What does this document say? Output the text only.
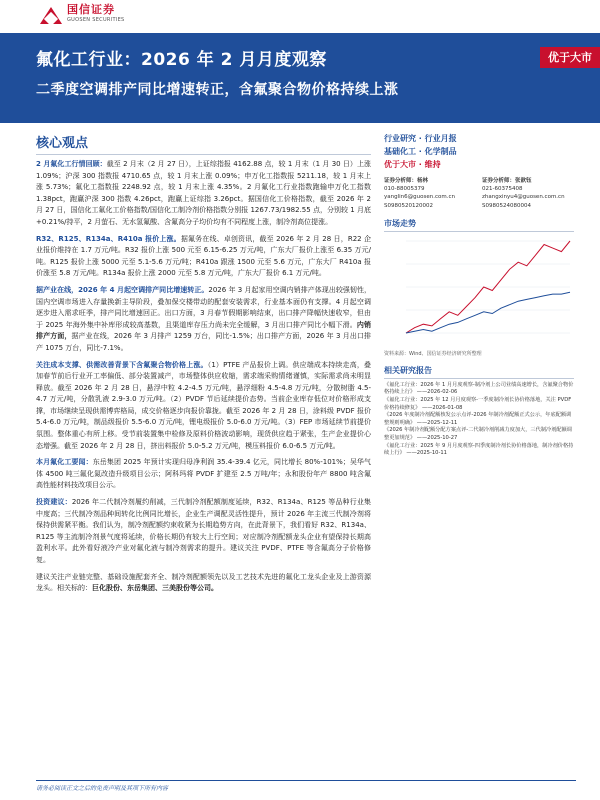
国信证券
GUOSEN SECURITIES
氟化工行业：2026 年 2 月月度观察
二季度空调排产同比增速转正，含氟聚合物价格持续上涨
优于大市
核心观点

2 月氟化工行情回顾：截至 2 月末（2 月 27 日），上证综指报 4162.88 点，较 1 月末（1 月 30 日）上涨 1.09%；沪深 300 指数报 4710.65 点，较 1 月末上涨 0.09%；申万化工指数报 5211.18，较 1 月末上涨 5.73%；氟化工指数报 2248.92 点，较 1 月末上涨 4.35%。2 月氟化工行业指数跑输申万化工指数 1.38pct，跑赢沪深 300 指数 4.26pct，跑赢上证综指 3.26pct。据国信化工价格指数，截至 2026 年 2 月 27 日，国信化工氟化工价格指数/国信化工制冷剂价格指数分别报 1267.73/1982.55 点，分别较 1 月底+0.21%/持平，2 月萤石、无水氢氟酸、含氟高分子均价均有不同程度上涨，制冷剂高位提涨。

R32、R125、R134a、R410a 报价上涨。据氟务在线、卓创资讯，截至 2026 年 2 月 28 日，R22 企业报价维持在 1.7 万元/吨。R32 报价上涨 500 元至 6.15-6.25 万元/吨，广东大厂报价上涨至 6.35 万元/吨。R125 报价上涨 5000 元至 5.1-5.6 万元/吨；R410a 跟涨 1500 元至 5.6 万元，广东大厂 R410a 报价涨至 5.8 万元/吨。R134a 报价上涨 2000 元至 5.8 万元/吨，广东大厂报价 6.1 万元/吨。

据产业在线，2026 年 4 月起空调排产同比增速转正。2026 年 3 月起家用空调内销排产体现出较强韧性，国内空调市场进入存量换新主导阶段，叠加保交楼带动的配套安装需求，行业基本面仍有支撑。4 月起空调逐步进入需求旺季，排产同比增速回正。出口方面，3 月春节假期影响结束，出口排产降幅快速收窄，但由于 2025 年海外集中补库形成较高基数，且渠道库存压力尚未完全缓解，3 月出口排产同比小幅下滑。内销排产方面，据产业在线，2026 年 3 月排产 1259 万台，同比-1.5%；出口排产方面，2026 年 3 月出口排产 1075 万台，同比-7.1%。

关注成本支撑、供需改善背景下含氟聚合物价格上涨。（1）PTFE 产品报价上调。供应端成本持续走高，叠加春节前后行业开工率偏低、部分装置减产，市场整体供应收缩，需求端采购情绪谨慎，实际需求尚未明显释放。截至 2026 年 2 月 28 日，悬浮中粒 4.2-4.5 万元/吨，悬浮细粉 4.5-4.8 万元/吨，分散树脂 4.5-4.7 万元/吨，分散乳液 2.9-3.0 万元/吨。（2）PVDF 节后延续提价态势。当前企业库存低位对价格形成支撑，市场继续呈现供需博弈格局，成交价格逐步向报价靠拢。截至 2026 年 2 月 28 日，涂料级 PVDF 报价 5.4-6.0 万元/吨，制品级报价 5.5-6.0 万元/吨，锂电级报价 5.0-6.0 万元/吨。（3）FEP 市场延续节前提价氛围。整体重心有所上移。受节前装置集中检修及原料价格波动影响，现货供应趋于紧张，生产企业提价心态增强。截至 2026 年 2 月 28 日，挤出料报价 5.0-5.2 万元/吨，模压料报价 6.0-6.5 万元/吨。

本月氟化工要闻：东岳集团 2025 年预计实现归母净利润 35.4-39.4 亿元，同比增长 80%-101%；吴华气体 4500 吨三氟化氮改造升级项目公示；阿科玛将 PVDF 扩建至 2.5 万吨/年；永和股份年产 8800 吨含氟高性能材料技改项目公示。

投资建议：2026 年二代制冷剂履约削减，三代制冷剂配额制度延续，R32、R134a、R125 等品种行业集中度高；三代制冷剂品种间转化比例同比增长，企业生产调配灵活性提升，预计 2026 年主流三代制冷剂将保持供需紧平衡。我们认为，制冷剂配额约束收紧为长期趋势方向，在此背景下，我们看好 R32、R134a、R125 等主流制冷剂景气度将延续，价格长期仍有较大上行空间；对应制冷剂配额龙头企业有望保持长期高盈利水平。此外看好液冷产业对氟化液与制冷剂需求的提升。建议关注 PVDF、PTFE 等含氟高分子价格修复。

建议关注产业链完整、基础设施配套齐全、制冷剂配额领先以及工艺技术先进的氟化工龙头企业及上游资源龙头。相关标的：巨化股份、东岳集团、三美股份等公司。

行业研究 · 行业月报

基础化工 · 化学制品

优于大市 · 维持

证券分析师：杨林
010-88005379
yanglin6@guosen.com.cn
S0980520120002
证券分析师：张歆钰
021-60375408
zhangxinyu4@guosen.com.cn
S0980524080004
市场走势
资料来源：Wind、国信证券经济研究所整理
相关研究报告

《氟化工行业：2026 年 1 月月度观察-制冷剂上公司业绩高速增长，含氟聚合物价格持续上行》 ——2026-02-06

《氟化工行业：2025 年 12 月月度观察-一季度制冷剂长协价格落地，关注 PVDF 价格持续修复》 ——2026-01-08

《2026 年度制冷剂配额核发公示点评-2026 年制冷剂配额正式公示，年底配额调整规则明确》 ——2025-12-11

《2026 年制冷剂配额分配方案点评-二代制冷剂削减力度加大，三代制冷剂配额调整更加规范》 ——2025-10-27

《氟化工行业：2025 年 9 月月度观察-四季度制冷剂长协价格落地，制冷剂价格持续上行》 ——2025-10-11

请务必阅读正文之后的免责声明及其项下所有内容
